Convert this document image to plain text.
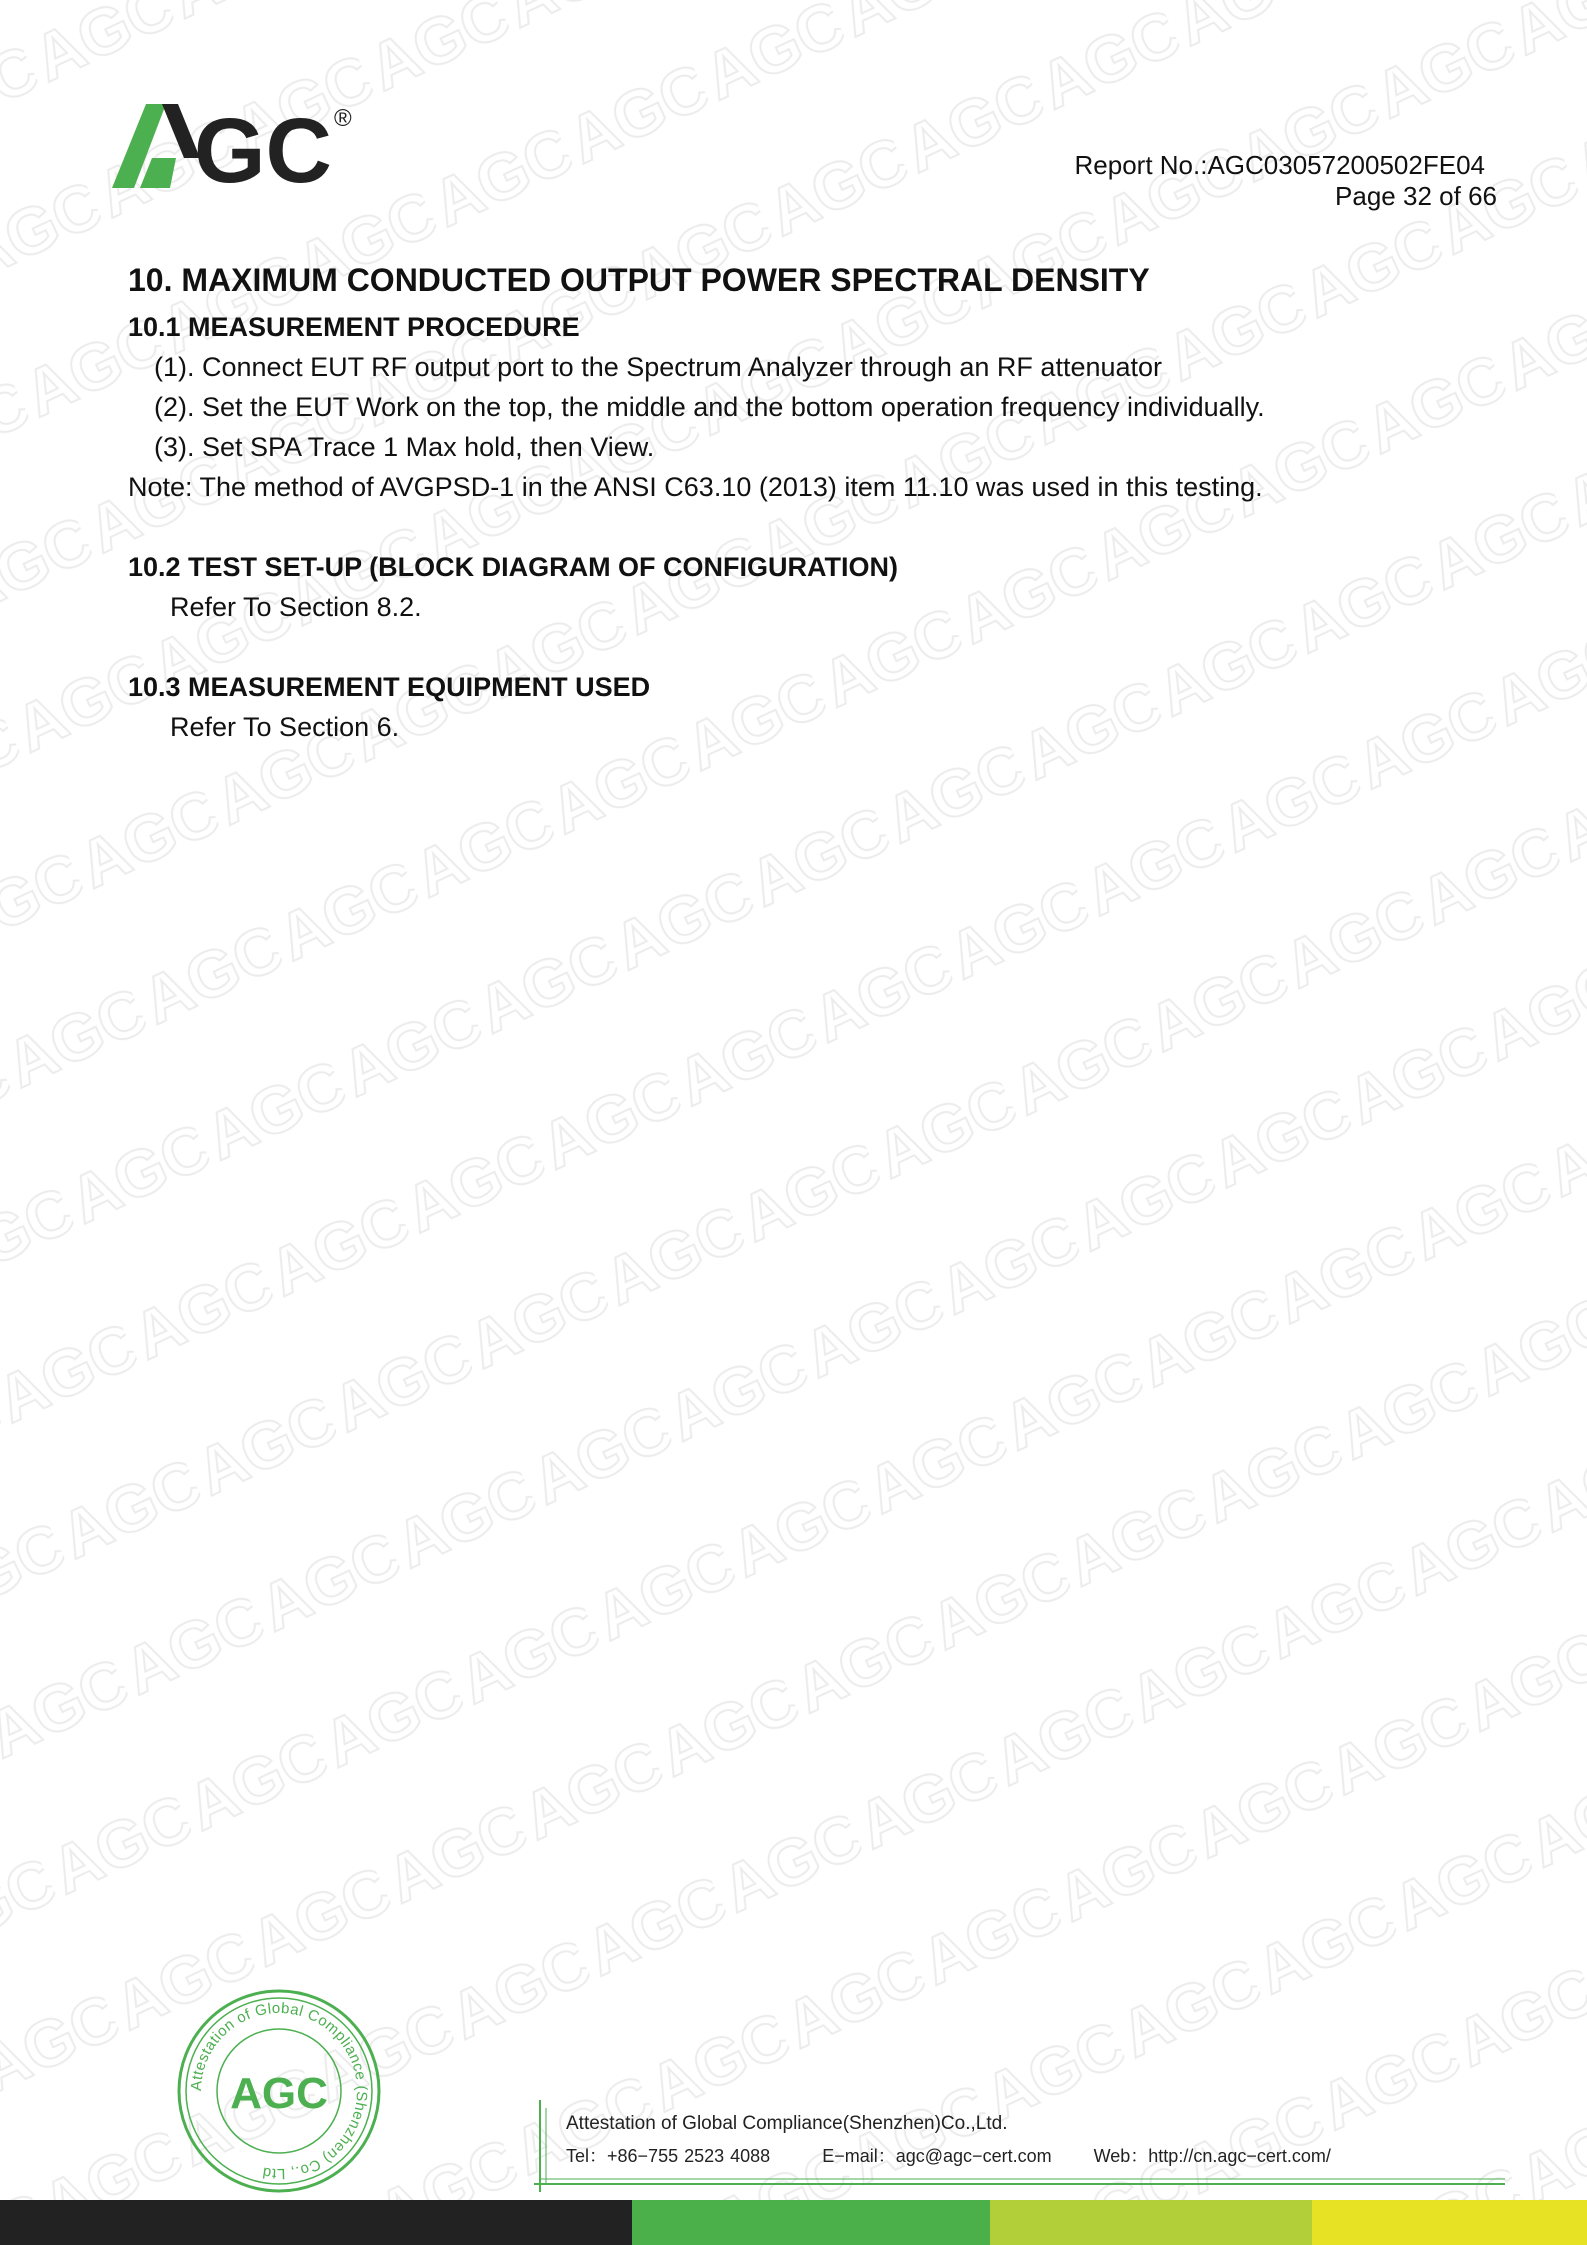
GC ®
Report No.:AGC03057200502FE04
Page 32 of 66
10. MAXIMUM CONDUCTED OUTPUT POWER SPECTRAL DENSITY
10.1 MEASUREMENT PROCEDURE
(1). Connect EUT RF output port to the Spectrum Analyzer through an RF attenuator
(2). Set the EUT Work on the top, the middle and the bottom operation frequency individually.
(3). Set SPA Trace 1 Max hold, then View.
Note: The method of AVGPSD-1 in the ANSI C63.10 (2013) item 11.10 was used in this testing.
10.2 TEST SET-UP (BLOCK DIAGRAM OF CONFIGURATION)
Refer To Section 8.2.
10.3 MEASUREMENT EQUIPMENT USED
Refer To Section 6.
Attestation of Global Compliance (Shenzhen) Co., Ltd
AGC
Attestation of Global Compliance(Shenzhen)Co.,Ltd.
Tel：+86−755 2523 4088	E−mail：agc@agc−cert.com Web：http://cn.agc−cert.com/
